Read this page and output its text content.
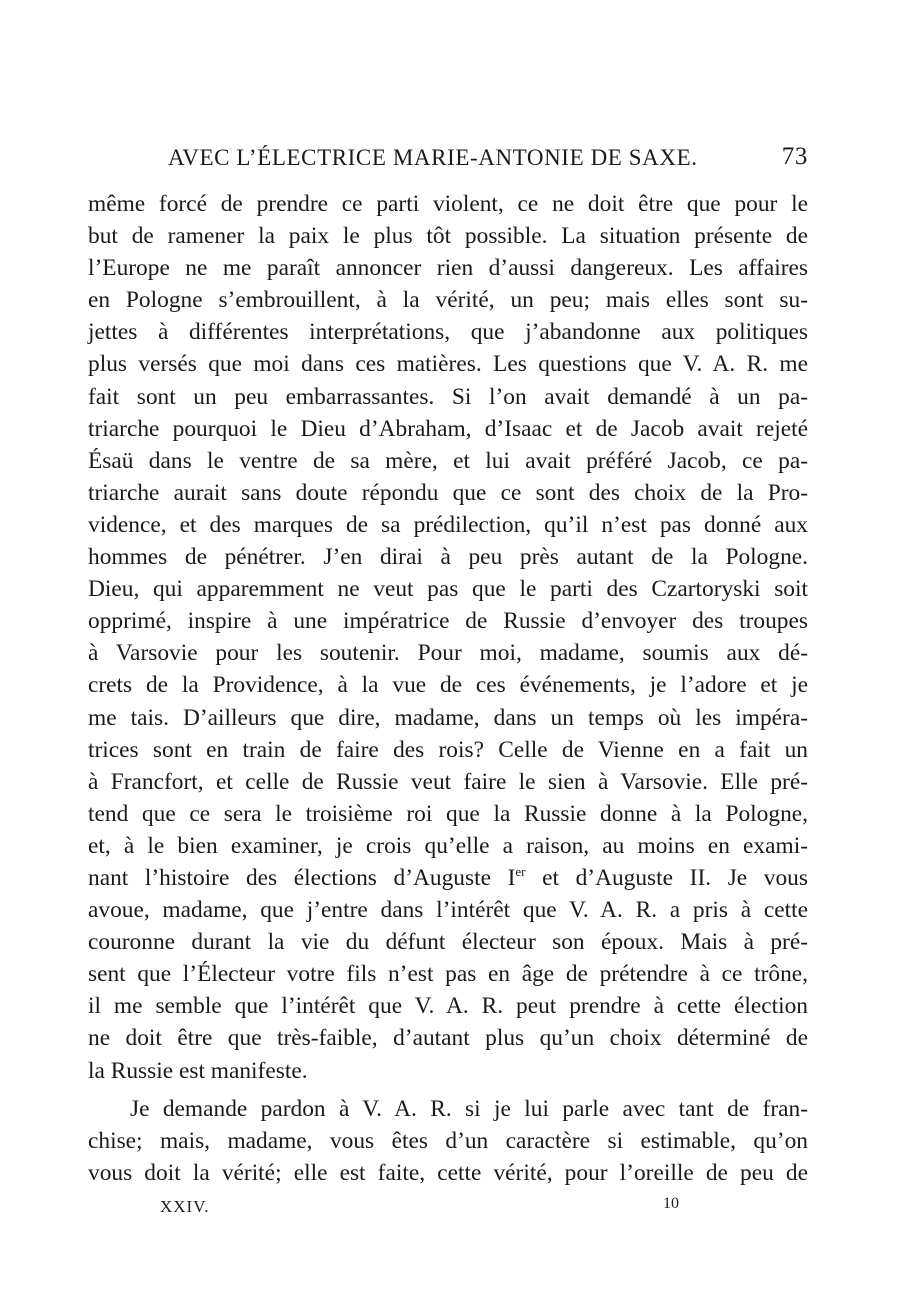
AVEC L’ÉLECTRICE MARIE-ANTONIE DE SAXE.	73
même forcé de prendre ce parti violent, ce ne doit être que pour le
but de ramener la paix le plus tôt possible. La situation présente de
l’Europe ne me paraît annoncer rien d’aussi dangereux. Les affaires
en Pologne s’embrouillent, à la vérité, un peu; mais elles sont su-
jettes à différentes interprétations, que j’abandonne aux politiques
plus versés que moi dans ces matières. Les questions que V. A. R. me
fait sont un peu embarrassantes. Si l’on avait demandé à un pa-
triarche pourquoi le Dieu d’Abraham, d’Isaac et de Jacob avait rejeté
Ésaü dans le ventre de sa mère, et lui avait préféré Jacob, ce pa-
triarche aurait sans doute répondu que ce sont des choix de la Pro-
vidence, et des marques de sa prédilection, qu’il n’est pas donné aux
hommes de pénétrer. J’en dirai à peu près autant de la Pologne.
Dieu, qui apparemment ne veut pas que le parti des Czartoryski soit
opprimé, inspire à une impératrice de Russie d’envoyer des troupes
à Varsovie pour les soutenir. Pour moi, madame, soumis aux dé-
crets de la Providence, à la vue de ces événements, je l’adore et je
me tais. D’ailleurs que dire, madame, dans un temps où les impéra-
trices sont en train de faire des rois? Celle de Vienne en a fait un
à Francfort, et celle de Russie veut faire le sien à Varsovie. Elle pré-
tend que ce sera le troisième roi que la Russie donne à la Pologne,
et, à le bien examiner, je crois qu’elle a raison, au moins en exami-
nant l’histoire des élections d’Auguste Ier et d’Auguste II. Je vous
avoue, madame, que j’entre dans l’intérêt que V. A. R. a pris à cette
couronne durant la vie du défunt électeur son époux. Mais à pré-
sent que l’Électeur votre fils n’est pas en âge de prétendre à ce trône,
il me semble que l’intérêt que V. A. R. peut prendre à cette élection
ne doit être que très-faible, d’autant plus qu’un choix déterminé de
la Russie est manifeste.
Je demande pardon à V. A. R. si je lui parle avec tant de fran-
chise; mais, madame, vous êtes d’un caractère si estimable, qu’on
vous doit la vérité; elle est faite, cette vérité, pour l’oreille de peu de
XXIV.	10
